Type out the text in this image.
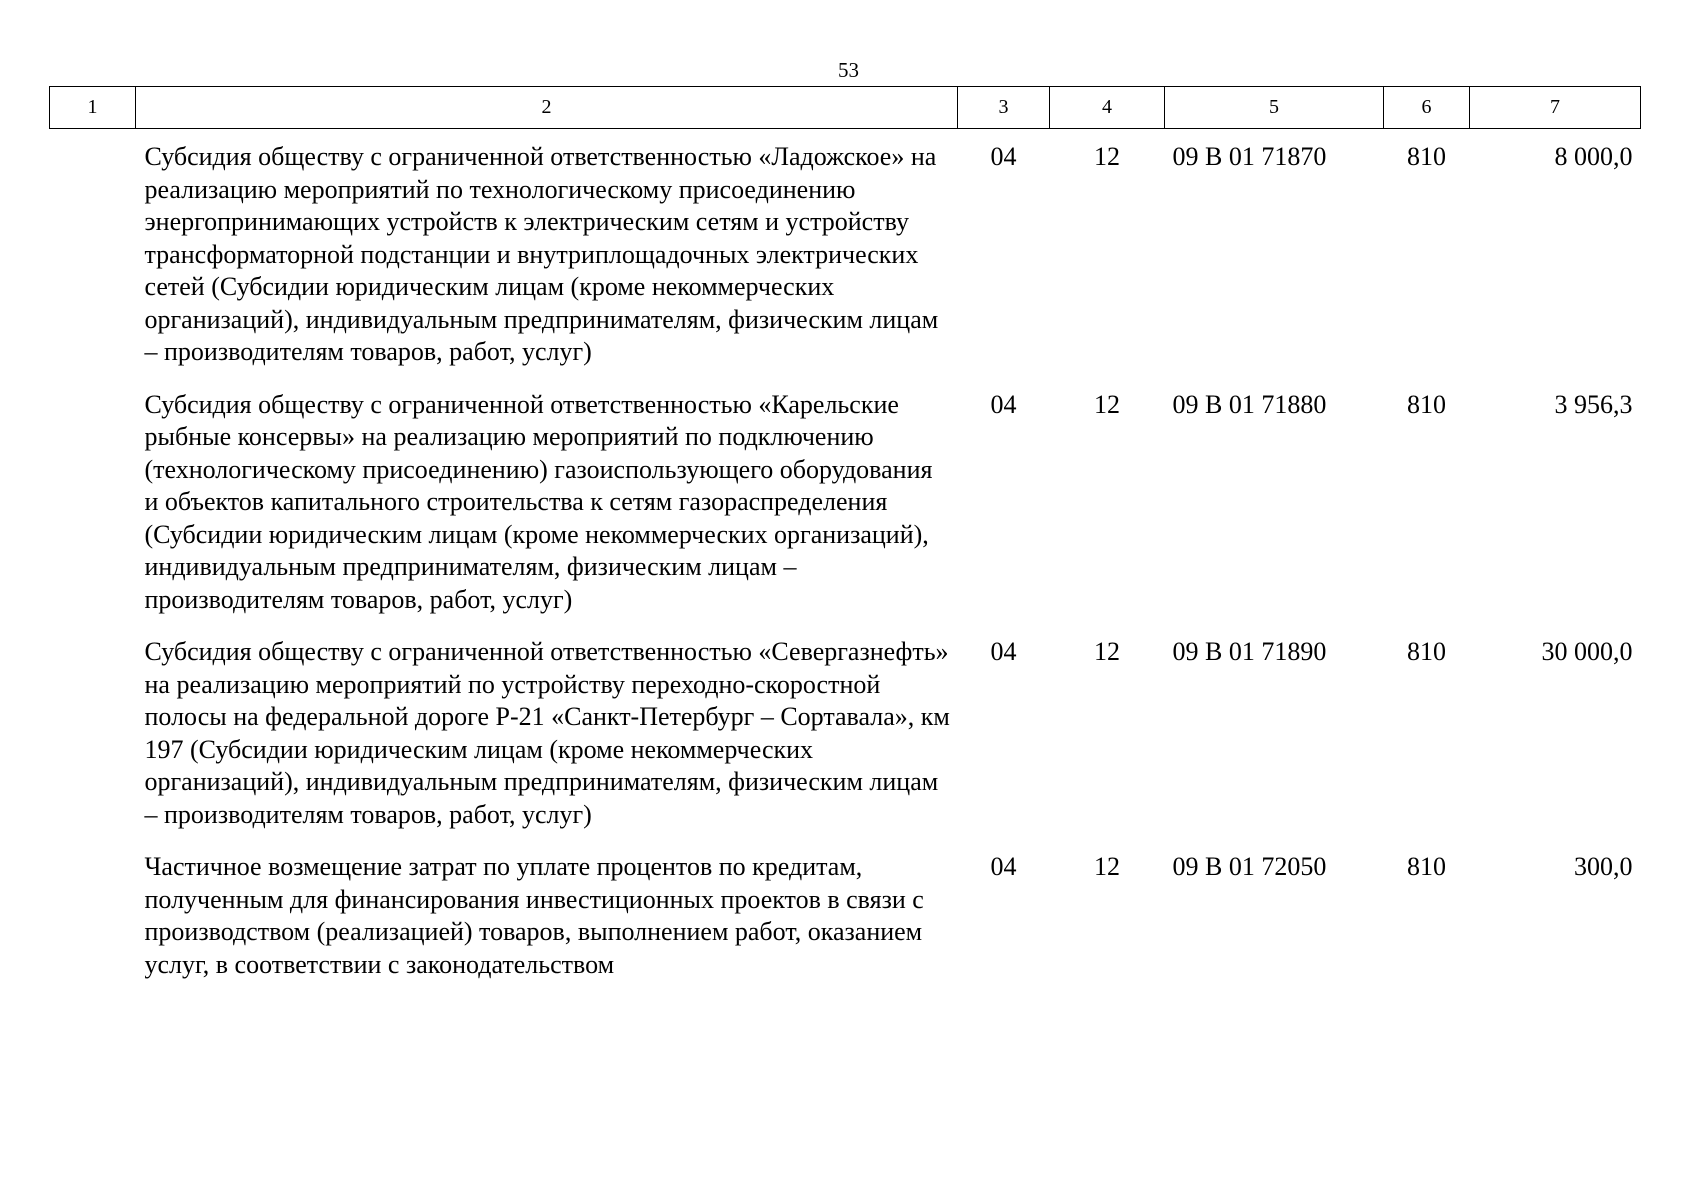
53
1	2	3	4	5	6	7
	Субсидия обществу с ограниченной ответственностью «Ладожское» на реализацию мероприятий по технологическому присоединению энергопринимающих устройств к электрическим сетям и устройству трансформаторной подстанции и внутриплощадочных электрических сетей (Субсидии юридическим лицам (кроме некоммерческих организаций), индивидуальным предпринимателям, физическим лицам – производителям товаров, работ, услуг)	04	12	09 В 01 71870	810	8 000,0
	Субсидия обществу с ограниченной ответственностью «Карельские рыбные консервы» на реализацию мероприятий по подключению (технологическому присоединению) газоиспользующего оборудования и объектов капитального строительства к сетям газораспределения (Субсидии юридическим лицам (кроме некоммерческих организаций), индивидуальным предпринимателям, физическим лицам – производителям товаров, работ, услуг)	04	12	09 В 01 71880	810	3 956,3
	Субсидия обществу с ограниченной ответственностью «Севергазнефть» на реализацию мероприятий по устройству переходно-скоростной полосы на федеральной дороге Р-21 «Санкт-Петербург – Сортавала», км 197 (Субсидии юридическим лицам (кроме некоммерческих организаций), индивидуальным предпринимателям, физическим лицам – производителям товаров, работ, услуг)	04	12	09 В 01 71890	810	30 000,0
	Частичное возмещение затрат по уплате процентов по кредитам, полученным для финансирования инвестиционных проектов в связи с производством (реализацией) товаров, выполнением работ, оказанием услуг, в соответствии с законодательством	04	12	09 В 01 72050	810	300,0
